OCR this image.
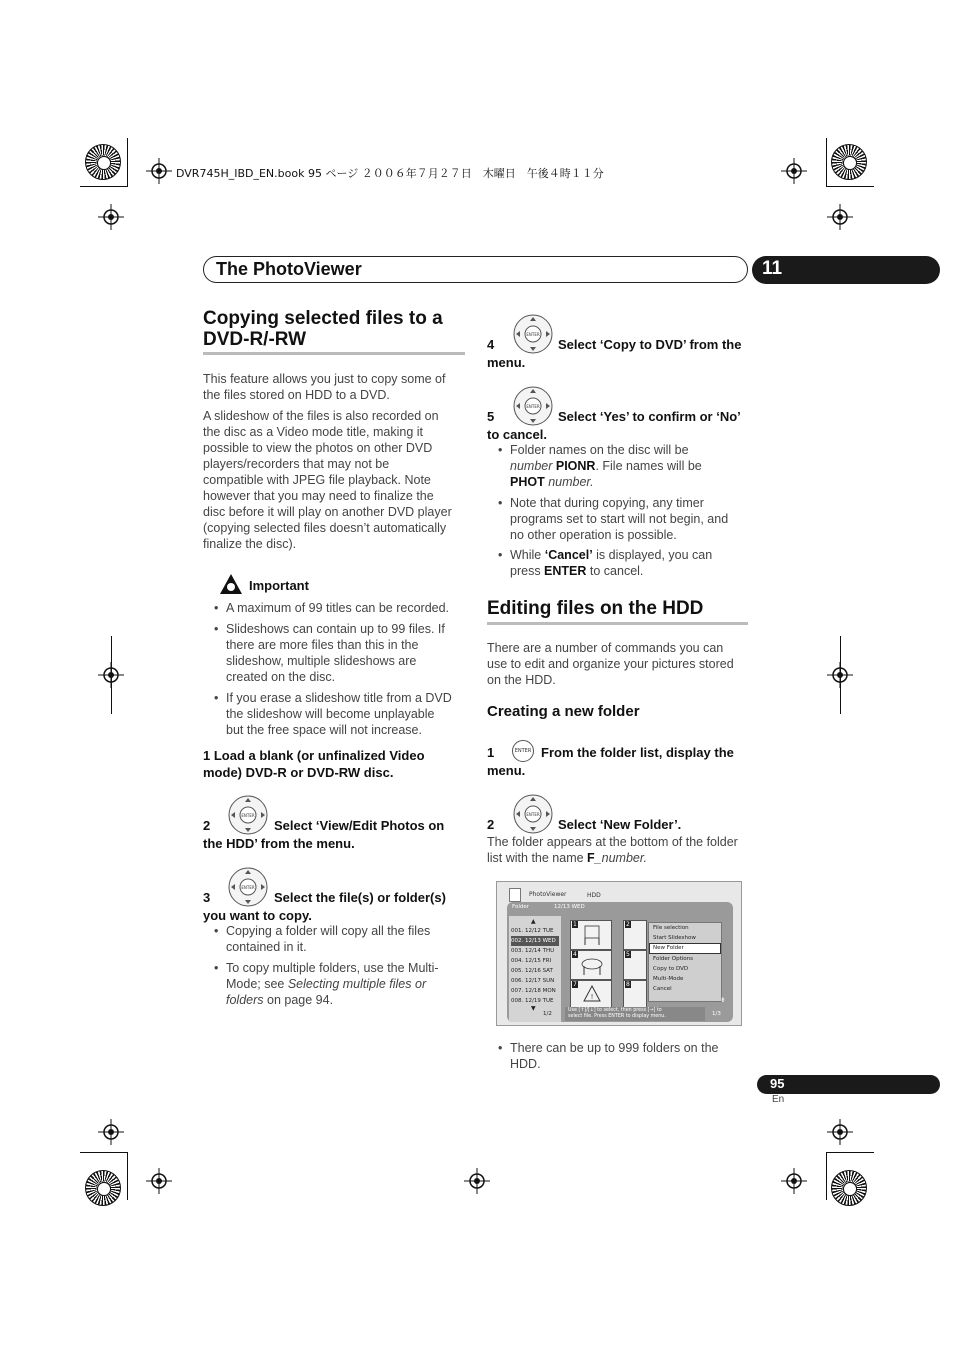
DVR745H_IBD_EN.book 95 ページ ２００６年７月２７日　木曜日　午後４時１１分
The PhotoViewer	11
Copying selected files to a
DVD-R/-RW
This feature allows you just to copy some of
the files stored on HDD to a DVD.
A slideshow of the files is also recorded on
the disc as a Video mode title, making it
possible to view the photos on other DVD
players/recorders that may not be
compatible with JPEG file playback. Note
however that you may need to finalize the
disc before it will play on another DVD player
(copying selected files doesn’t automatically
finalize the disc).
Important
• A maximum of 99 titles can be recorded.
• Slideshows can contain up to 99 files. If
there are more files than this in the
slideshow, multiple slideshows are
created on the disc.
• If you erase a slideshow title from a DVD
the slideshow will become unplayable
but the free space will not increase.
1 Load a blank (or unfinalized Video
mode) DVD-R or DVD-RW disc.
2
ENTER
Select ‘View/Edit Photos on
the HDD’ from the menu.
3
ENTER
Select the file(s) or folder(s)
you want to copy.
• Copying a folder will copy all the files
contained in it.
• To copy multiple folders, use the Multi-
Mode; see Selecting multiple files or
folders on page 94.
4
ENTER
Select ‘Copy to DVD’ from the
menu.
5
ENTER
Select ‘Yes’ to confirm or ‘No’
to cancel.
• Folder names on the disc will be
number PIONR. File names will be
PHOT number.
• Note that during copying, any timer
programs set to start will not begin, and
no other operation is possible.
• While ‘Cancel’ is displayed, you can
press ENTER to cancel.
Editing files on the HDD
There are a number of commands you can
use to edit and organize your pictures stored
on the HDD.
Creating a new folder
1	ENTER From the folder list, display the
menu.
2
ENTER
Select ‘New Folder’.
The folder appears at the bottom of the folder
list with the name F_number.
PhotoViewer	HDD
Folder	12/13 WED
▲
001. 12/12 TUE
002. 12/13 WED
003. 12/14 THU
004. 12/15 FRI
005. 12/16 SAT
006. 12/17 SUN
007. 12/18 MON
008. 12/19 TUE
▼
1/2
1	2
4	5
7
!
8
File selection
Start Slideshow
New Folder
Folder Options
Copy to DVD
Multi-Mode
Cancel
⇟
Use [↑]/[↓] to select, then press [→] to
select file. Press ENTER to display menu.	1/3
• There can be up to 999 folders on the
HDD.
95
En
